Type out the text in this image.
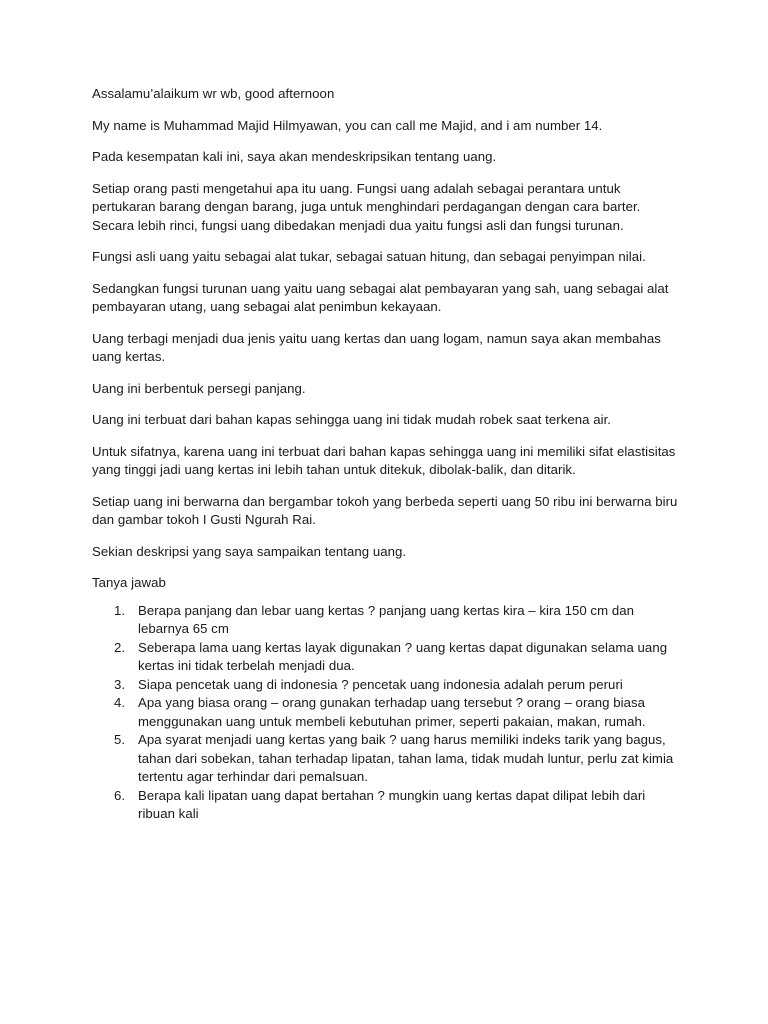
Assalamu’alaikum wr wb, good afternoon

My name is Muhammad Majid Hilmyawan, you can call me Majid, and i am number 14.

Pada kesempatan kali ini, saya akan mendeskripsikan tentang uang.

Setiap orang pasti mengetahui apa itu uang. Fungsi uang adalah sebagai perantara untuk pertukaran barang dengan barang, juga untuk menghindari perdagangan dengan cara barter. Secara lebih rinci, fungsi uang dibedakan menjadi dua yaitu fungsi asli dan fungsi turunan.

Fungsi asli uang yaitu sebagai alat tukar, sebagai satuan hitung, dan sebagai penyimpan nilai.

Sedangkan fungsi turunan uang yaitu uang sebagai alat pembayaran yang sah, uang sebagai alat pembayaran utang, uang sebagai alat penimbun kekayaan.

Uang terbagi menjadi dua jenis yaitu uang kertas dan uang logam, namun saya akan membahas uang kertas.

Uang ini berbentuk persegi panjang.

Uang ini terbuat dari bahan kapas sehingga uang ini tidak mudah robek saat terkena air.

Untuk sifatnya, karena uang ini terbuat dari bahan kapas sehingga uang ini memiliki sifat elastisitas yang tinggi jadi uang kertas ini lebih tahan untuk ditekuk, dibolak-balik, dan ditarik.

Setiap uang ini berwarna dan bergambar tokoh yang berbeda seperti uang 50 ribu ini berwarna biru dan gambar tokoh I Gusti Ngurah Rai.

Sekian deskripsi yang saya sampaikan tentang uang.

Tanya jawab

1. Berapa panjang dan lebar uang kertas ? panjang uang kertas kira – kira 150 cm dan lebarnya 65 cm
2. Seberapa lama uang kertas layak digunakan ? uang kertas dapat digunakan selama uang kertas ini tidak terbelah menjadi dua.
3. Siapa pencetak uang di indonesia ? pencetak uang indonesia adalah perum peruri
4. Apa yang biasa orang – orang gunakan terhadap uang tersebut ? orang – orang biasa menggunakan uang untuk membeli kebutuhan primer, seperti pakaian, makan, rumah.
5. Apa syarat menjadi uang kertas yang baik ? uang harus memiliki indeks tarik yang bagus, tahan dari sobekan, tahan terhadap lipatan, tahan lama, tidak mudah luntur, perlu zat kimia tertentu agar terhindar dari pemalsuan.
6. Berapa kali lipatan uang dapat bertahan ? mungkin uang kertas dapat dilipat lebih dari ribuan kali
